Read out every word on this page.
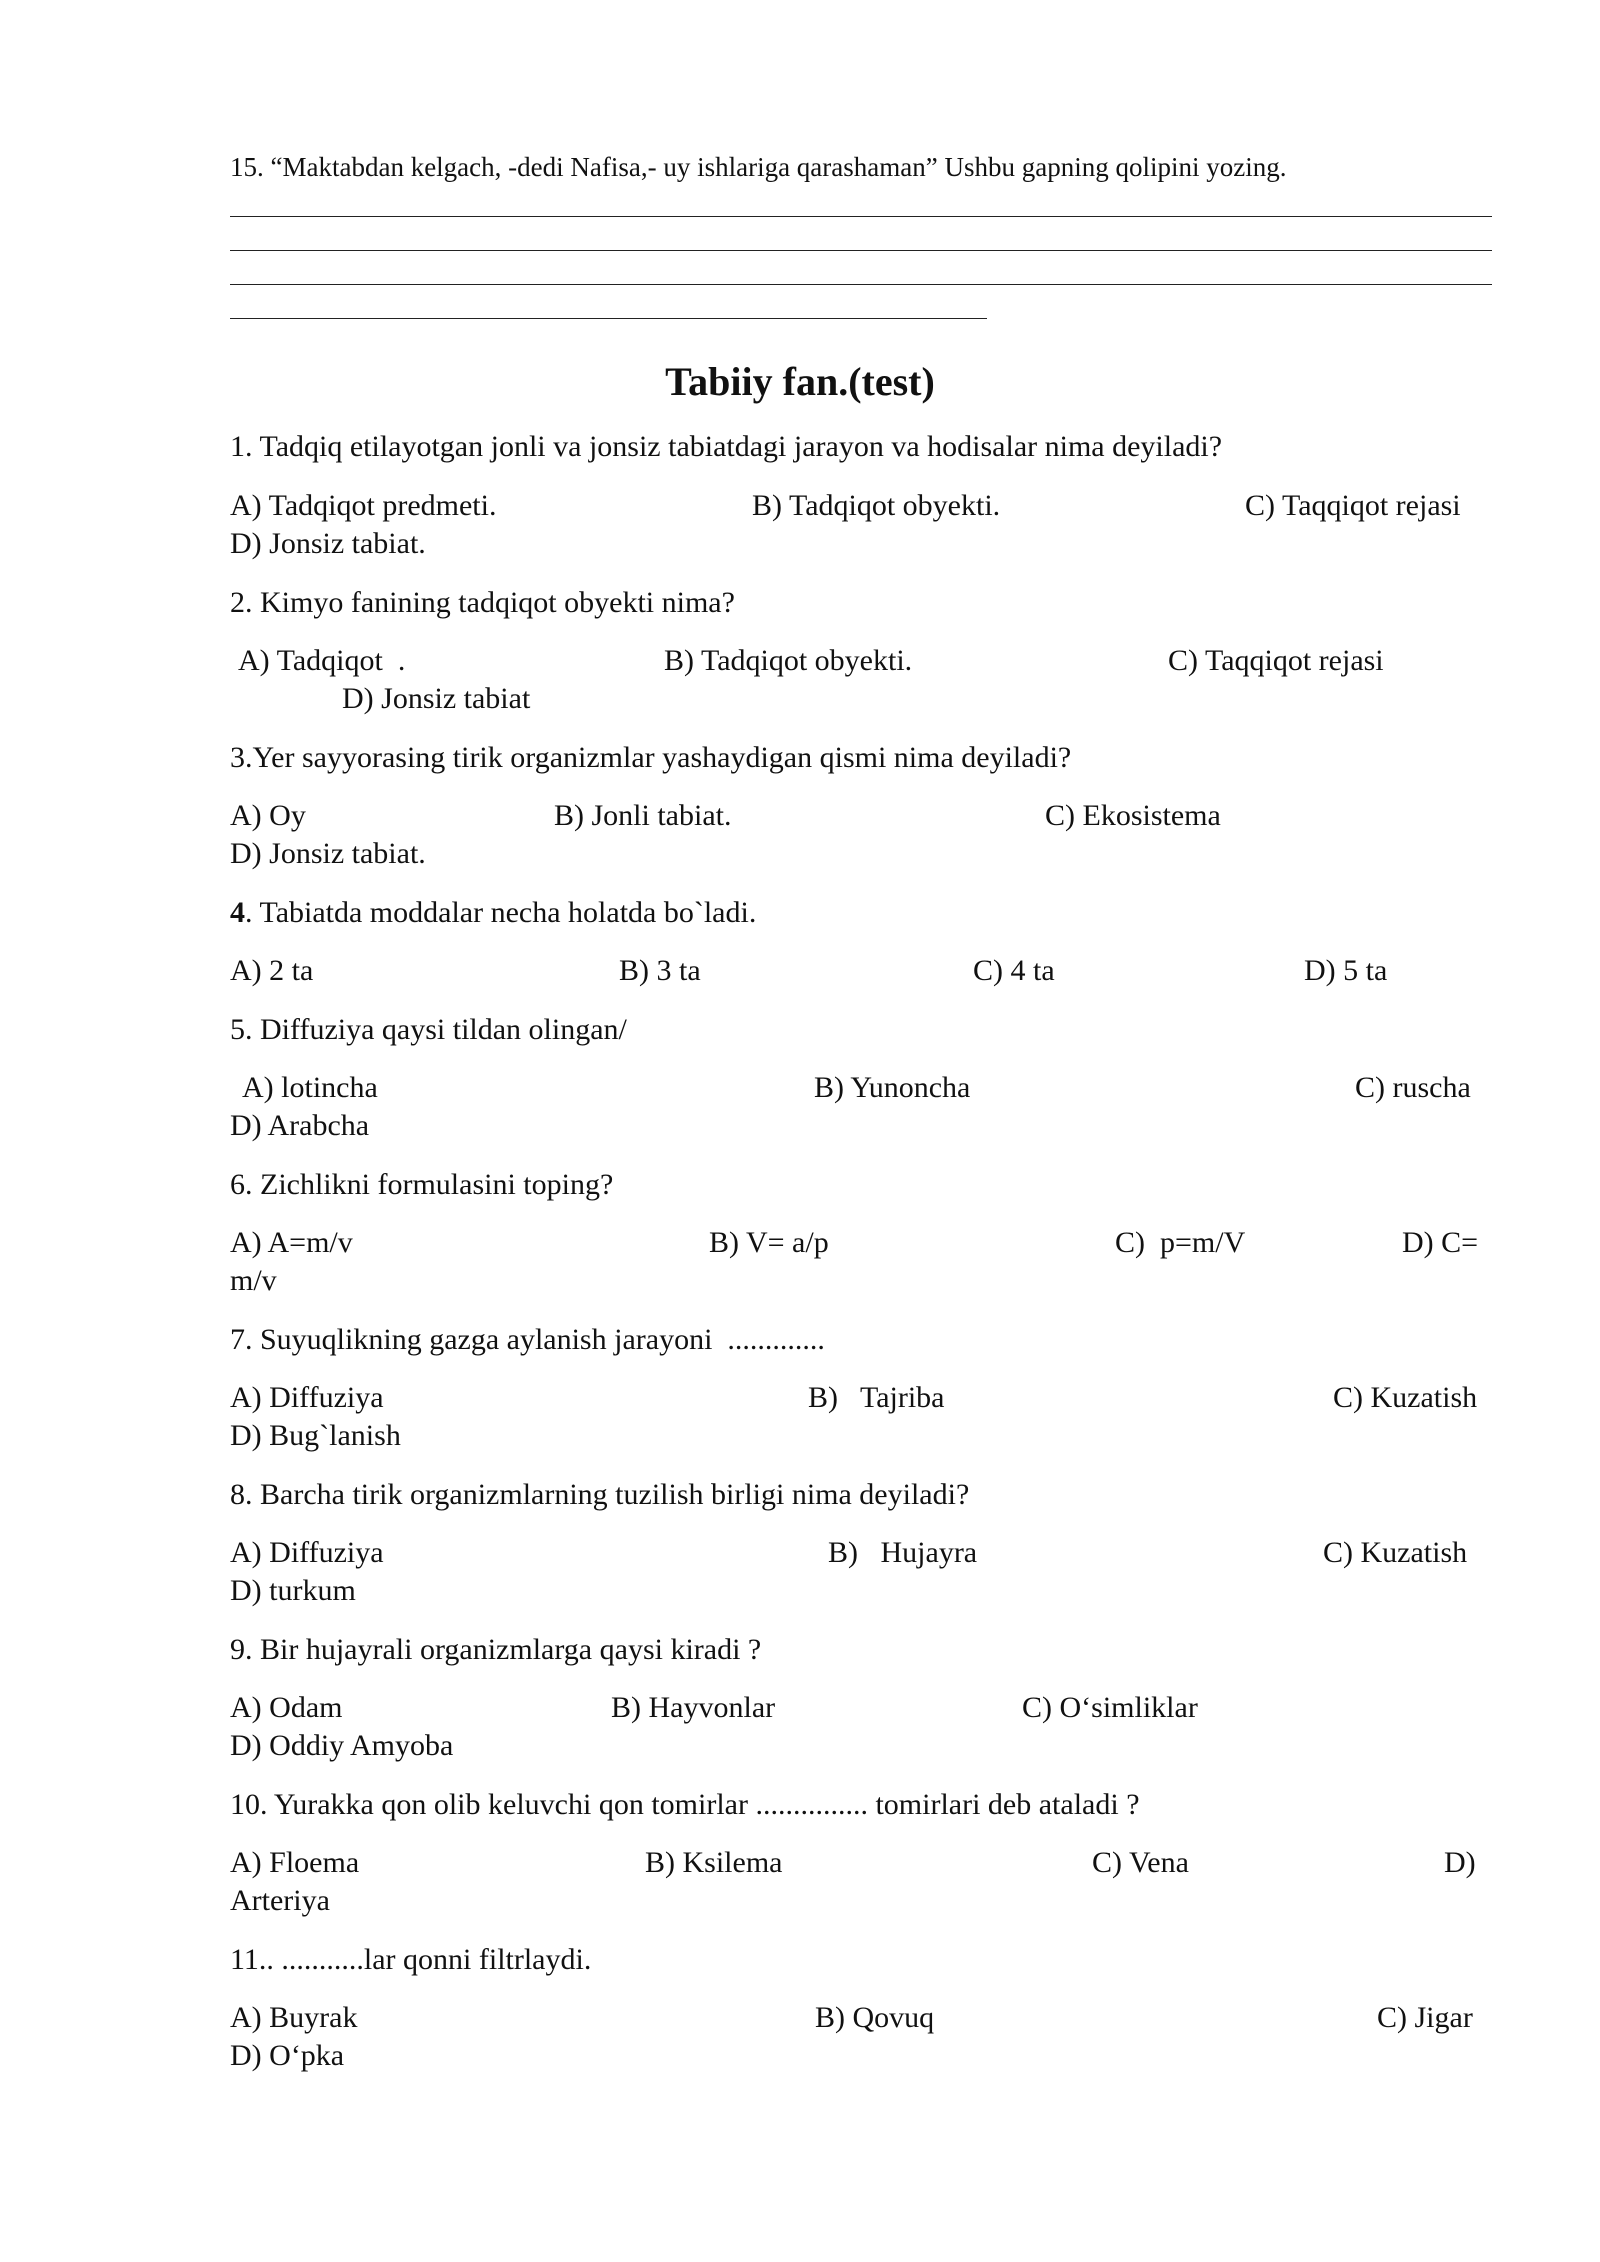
15. “Maktabdan kelgach, -dedi Nafisa,- uy ishlariga qarashaman” Ushbu gapning qolipini yozing.
Tabiiy fan.(test)
1. Tadqiq etilayotgan jonli va jonsiz tabiatdagi jarayon va hodisalar nima deyiladi?
A) Tadqiqot predmeti.	B) Tadqiqot obyekti.	C) Taqqiqot rejasi
D) Jonsiz tabiat.
2. Kimyo fanining tadqiqot obyekti nima?
A) Tadqiqot  .	B) Tadqiqot obyekti.	C) Taqqiqot rejasi
D) Jonsiz tabiat
3.Yer sayyorasing tirik organizmlar yashaydigan qismi nima deyiladi?
A) Oy	B) Jonli tabiat.	C) Ekosistema
D) Jonsiz tabiat.
4. Tabiatda moddalar necha holatda bo`ladi.
A) 2 ta	B) 3 ta	C) 4 ta	D) 5 ta
5. Diffuziya qaysi tildan olingan/
A) lotincha	B) Yunoncha	C) ruscha
D) Arabcha
6. Zichlikni formulasini toping?
A) A=m/v	B) V= a/p	C)  p=m/V	D) C=
m/v
7. Suyuqlikning gazga aylanish jarayoni  .............
A) Diffuziya	B)   Tajriba	C) Kuzatish
D) Bug`lanish
8. Barcha tirik organizmlarning tuzilish birligi nima deyiladi?
A) Diffuziya	B)   Hujayra	C) Kuzatish
D) turkum
9. Bir hujayrali organizmlarga qaysi kiradi ?
A) Odam	B) Hayvonlar	C) O‘simliklar
D) Oddiy Amyoba
10. Yurakka qon olib keluvchi qon tomirlar ............... tomirlari deb ataladi ?
A) Floema	B) Ksilema	C) Vena	D)
Arteriya
11.. ...........lar qonni filtrlaydi.
A) Buyrak	B) Qovuq	C) Jigar
D) O‘pka
